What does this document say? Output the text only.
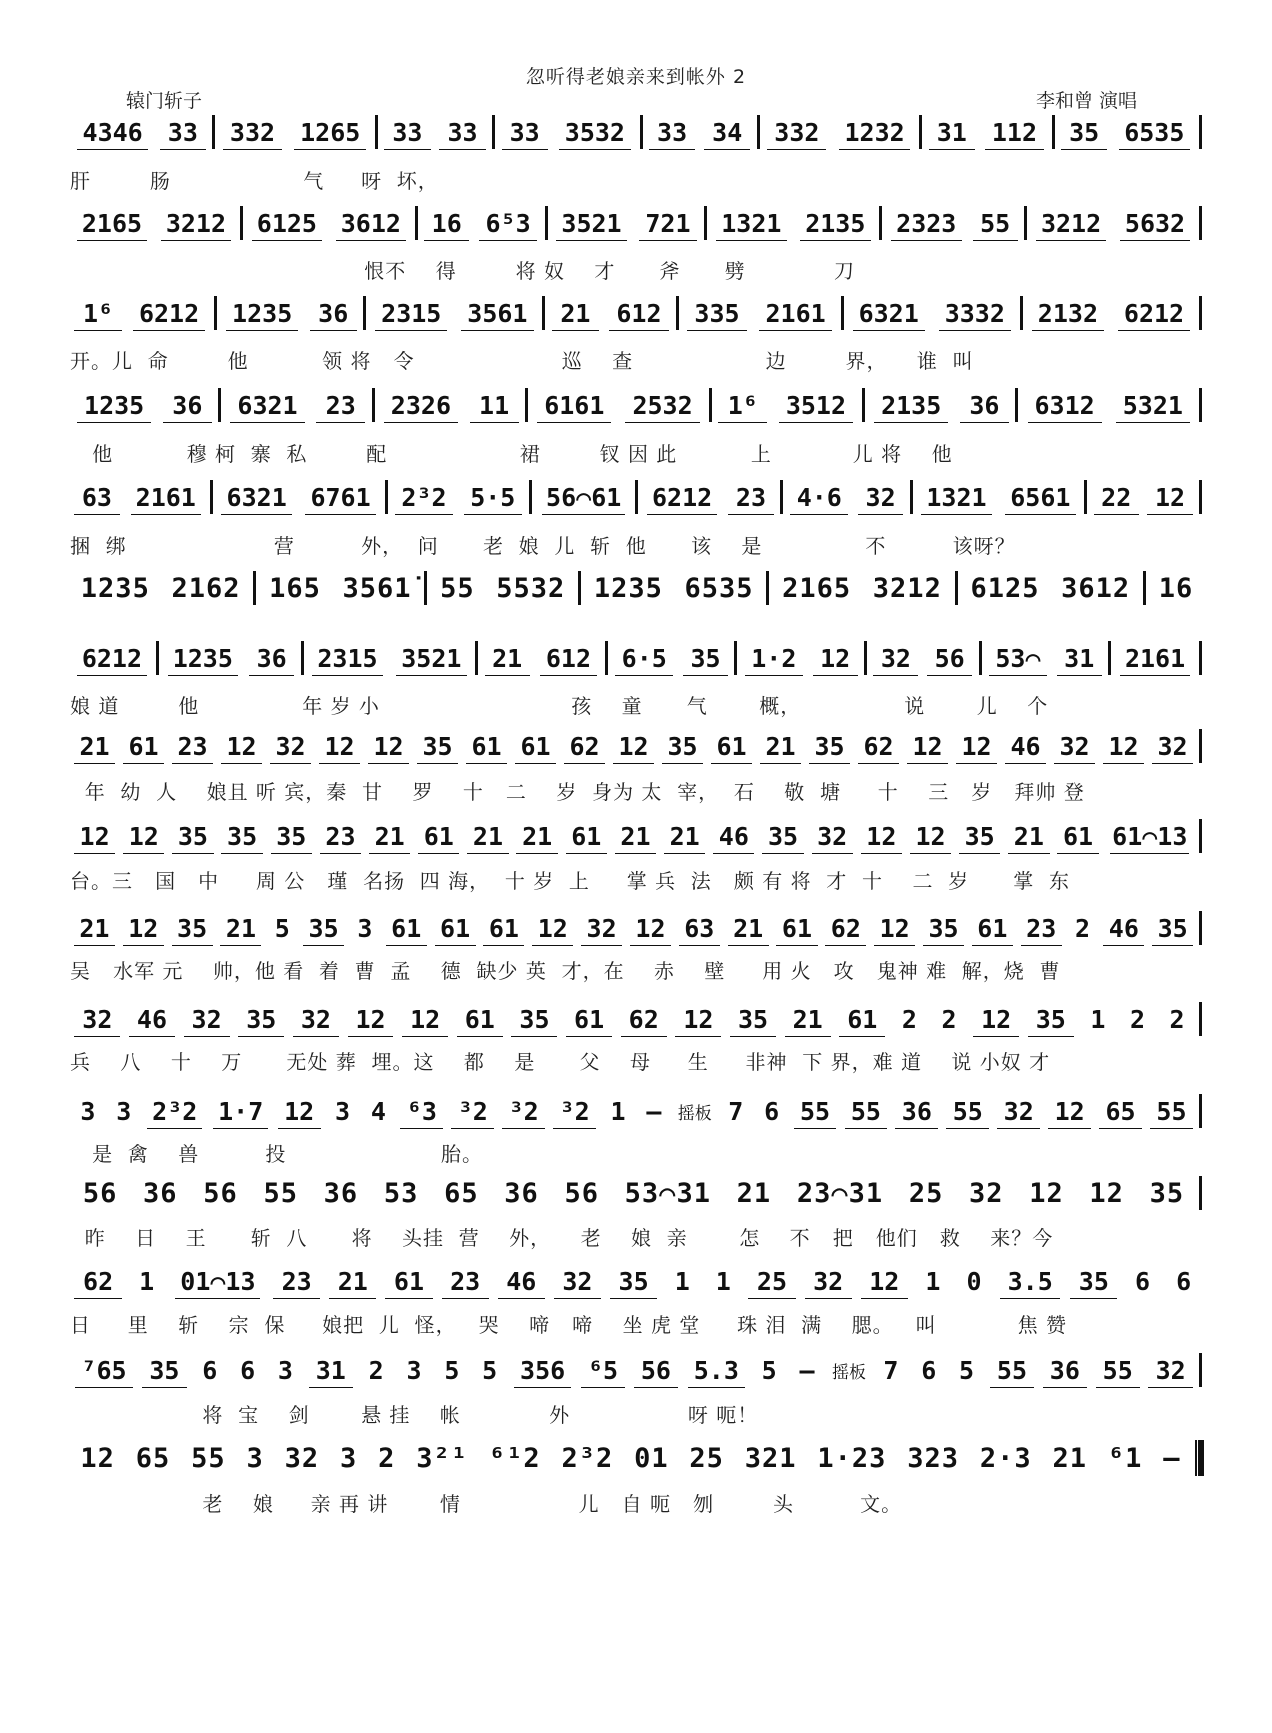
忽听得老娘亲来到帐外 2
辕门斩子	李和曾 演唱
4346	33	332	1265	33	33	33	3532	33	34	332	1232	31	112	35	6535
肝        肠                  气     呀  坏，
2165 3212	6125 3612	16 6⁵3	3521 721	1321 2135	2323 55	3212 5632
恨不    得        将 奴    才      斧      劈            刀
1⁶	6212	1235	36	2315	3561	21	612	335	2161	6321	3332	2132	6212
开。儿  命        他          领 将   令                    巡    查                  边        界，    谁  叫
1235	36	6321	23	2326	11	6161	2532	1⁶	3512	2135	36	6312	5321
他          穆 柯  寨  私        配                  裙        钗 因 此          上           儿 将    他
63 2161	6321 6761	2³2 5·5	56⌒61	6212 23	4·6 32	1321 6561	22 12
捆  绑                    营         外，  问      老  娘  儿  斩  他      该    是              不         该呀？
1235 2162	165 3561̇	55 5532	1235 6535	2165 3212	6125 3612	16
6212	1235 36	2315 3521	21 612	6·5 35	1·2 12	32 56	53⌒ 31	2161
娘 道        他              年 岁 小                          孩    童      气       概，              说       儿    个
21 61 23 12 32 12 12 35 61 61 62 12 35 61 21 35 62 12 12 46 32 12 32
年  幼  人    娘且 听 宾，秦  甘    罗    十   二    岁  身为 太  宰，  石    敬  塘     十    三   岁   拜帅 登
12 12 35 35 35 23 21 61 21 21 61 21 21 46 35 32 12 12 35 21 61 61⌒13
台。三   国   中     周 公   瑾  名扬  四 海，  十 岁  上     掌 兵  法   颇 有 将  才  十    二  岁      掌  东
21 12 35 21 5 35 3 61 61 61 12 32 12 63 21 61 62 12 35 61 23 2 46 35
吴   水军 元    帅，他 看  着  曹  孟    德  缺少 英  才，在    赤    壁     用 火   攻   鬼神 难  解，烧  曹
32 46 32 35 32 12 12 61 35 61 62 12 35 21 61 2 2 12 35 1 2 2
兵    八    十    万      无处 葬  埋。这    都    是      父    母     生     非神  下 界，难 道    说 小奴 才
3 3 2³2 1·7 12 3 4 ⁶3 ³2 ³2 ³2 1 – 摇板 7 6 55 55 36 55 32 12 65 55
是  禽    兽         投                     胎。
56 36 56 55 36 53 65 36 56 53⌒31 21 23⌒31 25 32 12 12 35
昨    日    王      斩  八      将    头挂  营    外，    老    娘  亲       怎    不   把   他们   救    来？今
62	1	01⌒13	23	21	61	23	46	32	35	1	1	25	32	12	1	0	3.5	35	6	6
日     里    斩    宗  保     娘把  儿  怪，   哭    啼   啼    坐 虎 堂     珠 泪  满    腮。   叫           焦 赞
⁷65 35 6 6 3 31 2 3 5 5 356 ⁶5 56 5.3 5 –	摇板 7 6 5 55 36 55 32
将  宝    剑       悬 挂    帐            外                呀 呃！
12 65 55 3 32 3 2 3²¹ ⁶¹2 2³2 01 25 321 1·23 323 2·3 21 ⁶1 –
老    娘     亲 再 讲       情                儿   自 呃   刎        头         文。
